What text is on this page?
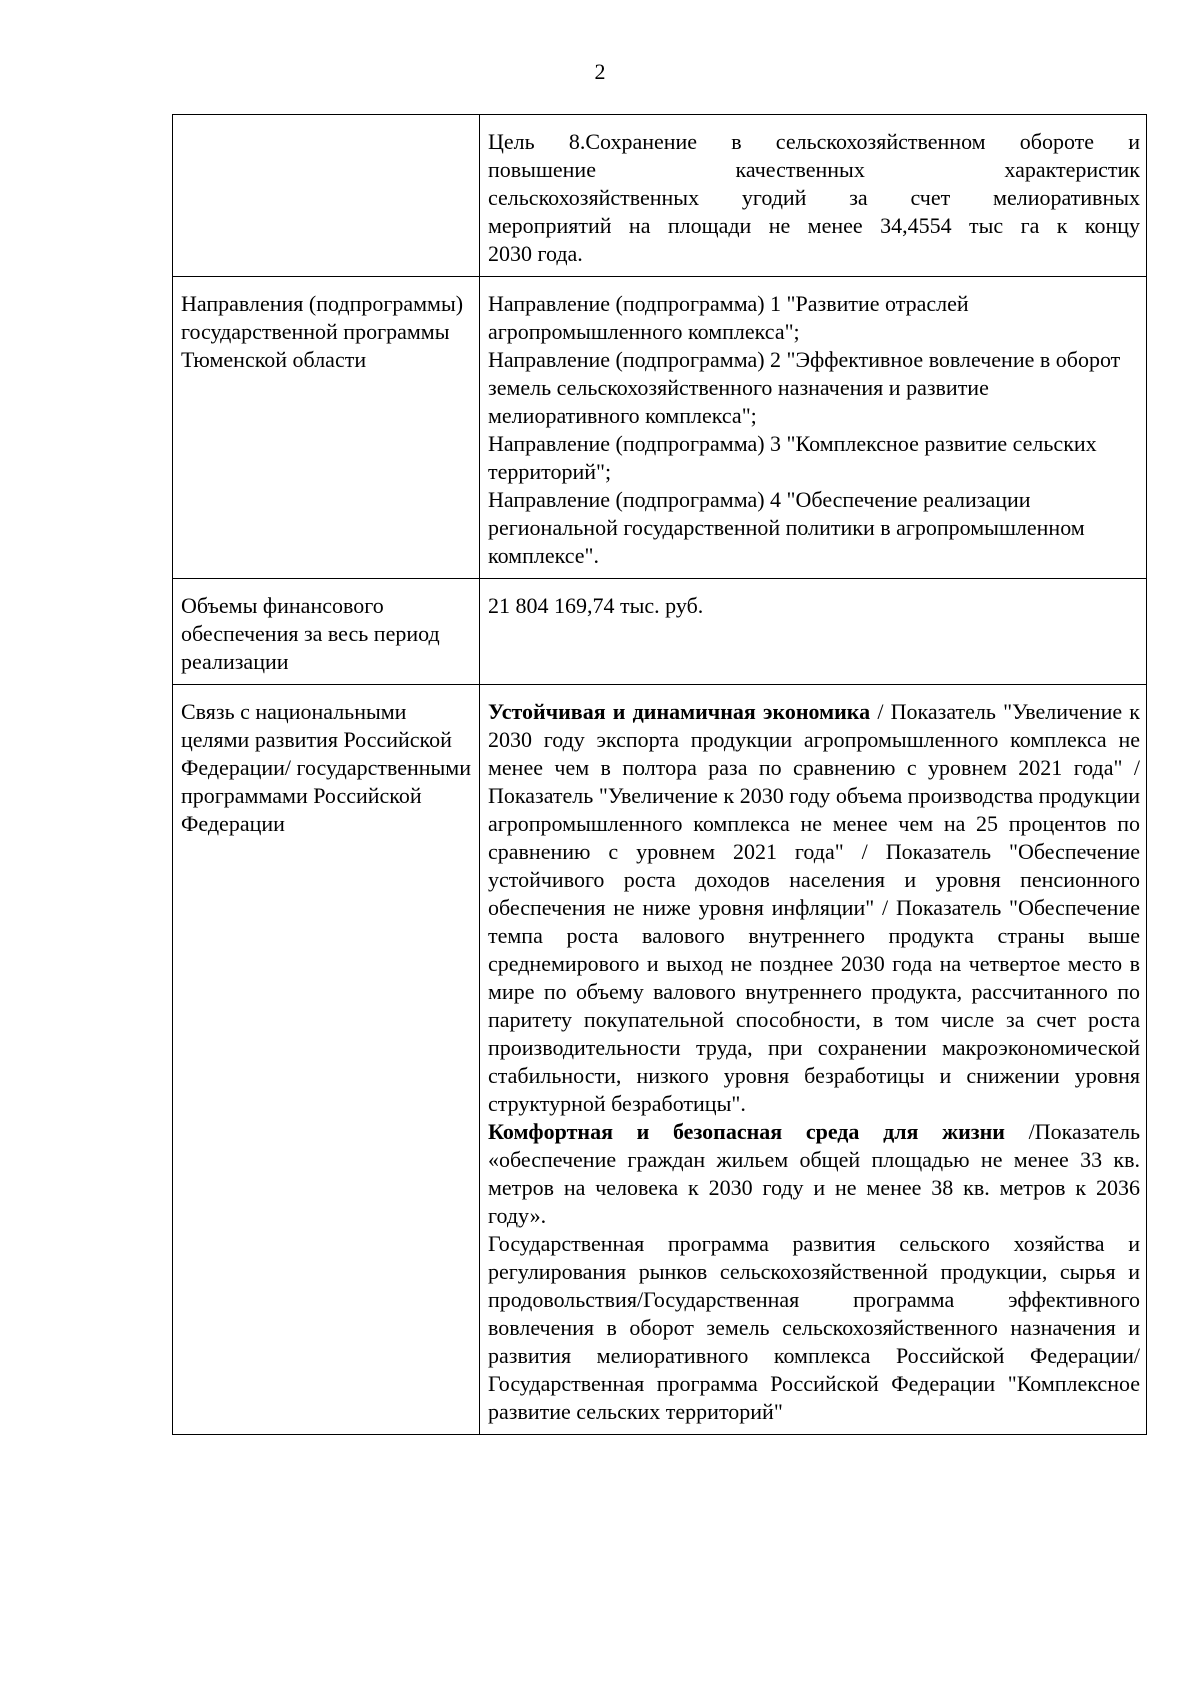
2

	Цель 8.Сохранение в сельскохозяйственном обороте и
повышение качественных характеристик
сельскохозяйственных угодий за счет мелиоративных
мероприятий на площади не менее 34,4554 тыс га к концу
2030 года.

Направления (подпрограммы) государственной программы Тюменской области	Направление (подпрограмма) 1 "Развитие отраслей агропромышленного комплекса";
Направление (подпрограмма) 2 "Эффективное вовлечение в оборот земель сельскохозяйственного назначения и развитие мелиоративного комплекса";
Направление (подпрограмма) 3 "Комплексное развитие сельских территорий";
Направление (подпрограмма) 4 "Обеспечение реализации региональной государственной политики в агропромышленном комплексе".

Объемы финансового обеспечения за весь период реализации	21 804 169,74 тыс. руб.
Связь с национальными целями развития Российской Федерации/ государственными программами Российской Федерации	Устойчивая и динамичная экономика / Показатель "Увеличение к 2030 году экспорта продукции агропромышленного комплекса не менее чем в полтора раза по сравнению с уровнем 2021 года" / Показатель "Увеличение к 2030 году объема производства продукции агропромышленного комплекса не менее чем на 25 процентов по сравнению с уровнем 2021 года" / Показатель "Обеспечение устойчивого роста доходов населения и уровня пенсионного обеспечения не ниже уровня инфляции" / Показатель "Обеспечение темпа роста валового внутреннего продукта страны выше среднемирового и выход не позднее 2030 года на четвертое место в мире по объему валового внутреннего продукта, рассчитанного по паритету покупательной способности, в том числе за счет роста производительности труда, при сохранении макроэкономической стабильности, низкого уровня безработицы и снижении уровня структурной безработицы".
Комфортная и безопасная среда для жизни /Показатель «обеспечение граждан жильем общей площадью не менее 33 кв. метров на человека к 2030 году и не менее 38 кв. метров к 2036 году».
Государственная программа развития сельского хозяйства и регулирования рынков сельскохозяйственной продукции, сырья и продовольствия/Государственная программа эффективного вовлечения в оборот земель сельскохозяйственного назначения и развития мелиоративного комплекса Российской Федерации/Государственная программа Российской Федерации "Комплексное развитие сельских территорий"
